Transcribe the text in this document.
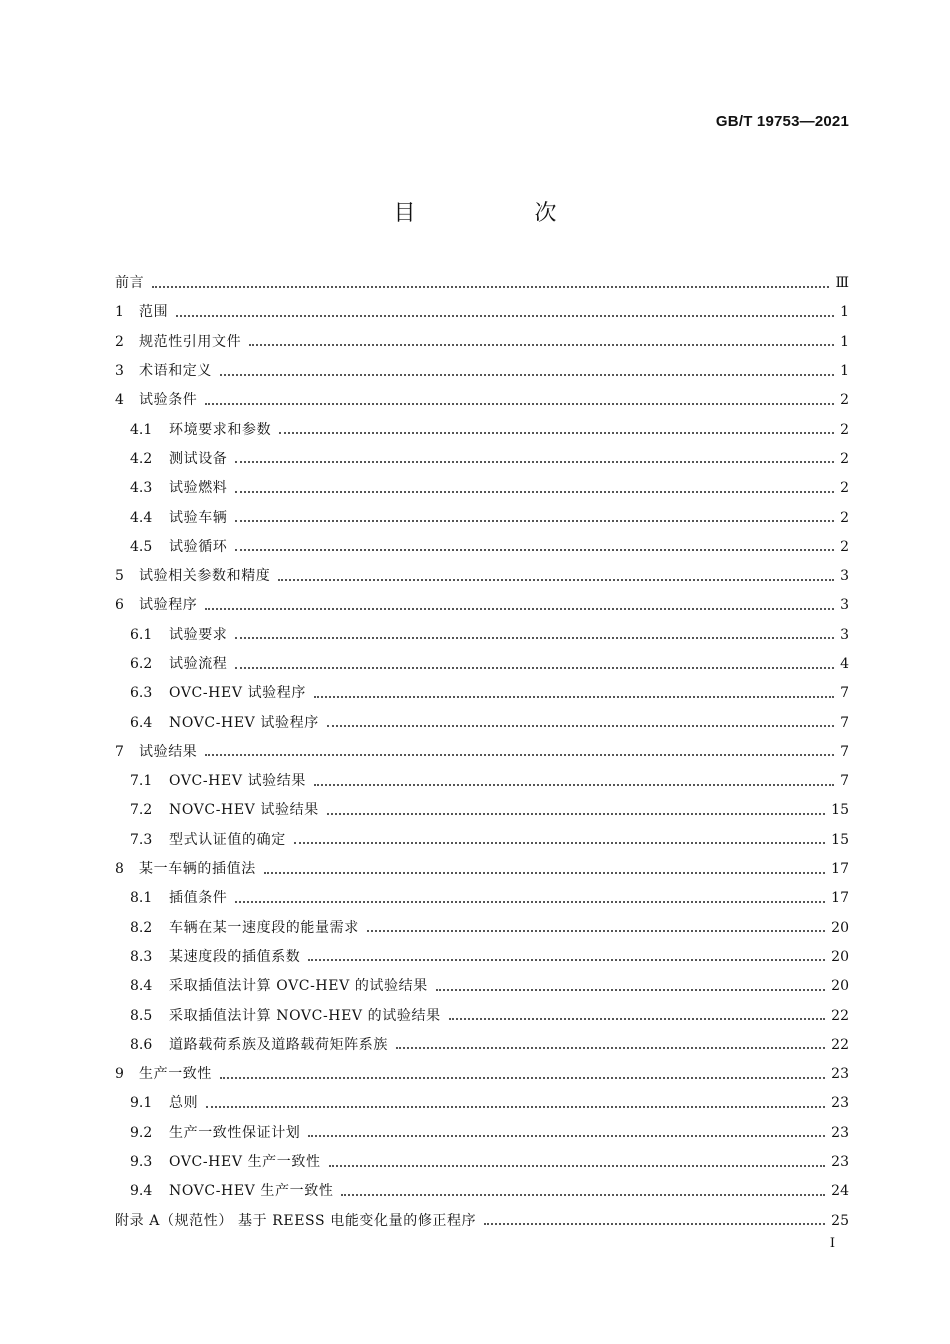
GB/T 19753—2021
目 次
前言	Ⅲ
1	范围	1
2	规范性引用文件	1
3	术语和定义	1
4	试验条件	2
4.1	环境要求和参数	2
4.2	测试设备	2
4.3	试验燃料	2
4.4	试验车辆	2
4.5	试验循环	2
5	试验相关参数和精度	3
6	试验程序	3
6.1	试验要求	3
6.2	试验流程	4
6.3	OVC-HEV 试验程序	7
6.4	NOVC-HEV 试验程序	7
7	试验结果	7
7.1	OVC-HEV 试验结果	7
7.2	NOVC-HEV 试验结果	15
7.3	型式认证值的确定	15
8	某一车辆的插值法	17
8.1	插值条件	17
8.2	车辆在某一速度段的能量需求	20
8.3	某速度段的插值系数	20
8.4	采取插值法计算 OVC-HEV 的试验结果	20
8.5	采取插值法计算 NOVC-HEV 的试验结果	22
8.6	道路载荷系族及道路载荷矩阵系族	22
9	生产一致性	23
9.1	总则	23
9.2	生产一致性保证计划	23
9.3	OVC-HEV 生产一致性	23
9.4	NOVC-HEV 生产一致性	24
附录 A（规范性） 基于 REESS 电能变化量的修正程序	25
I
